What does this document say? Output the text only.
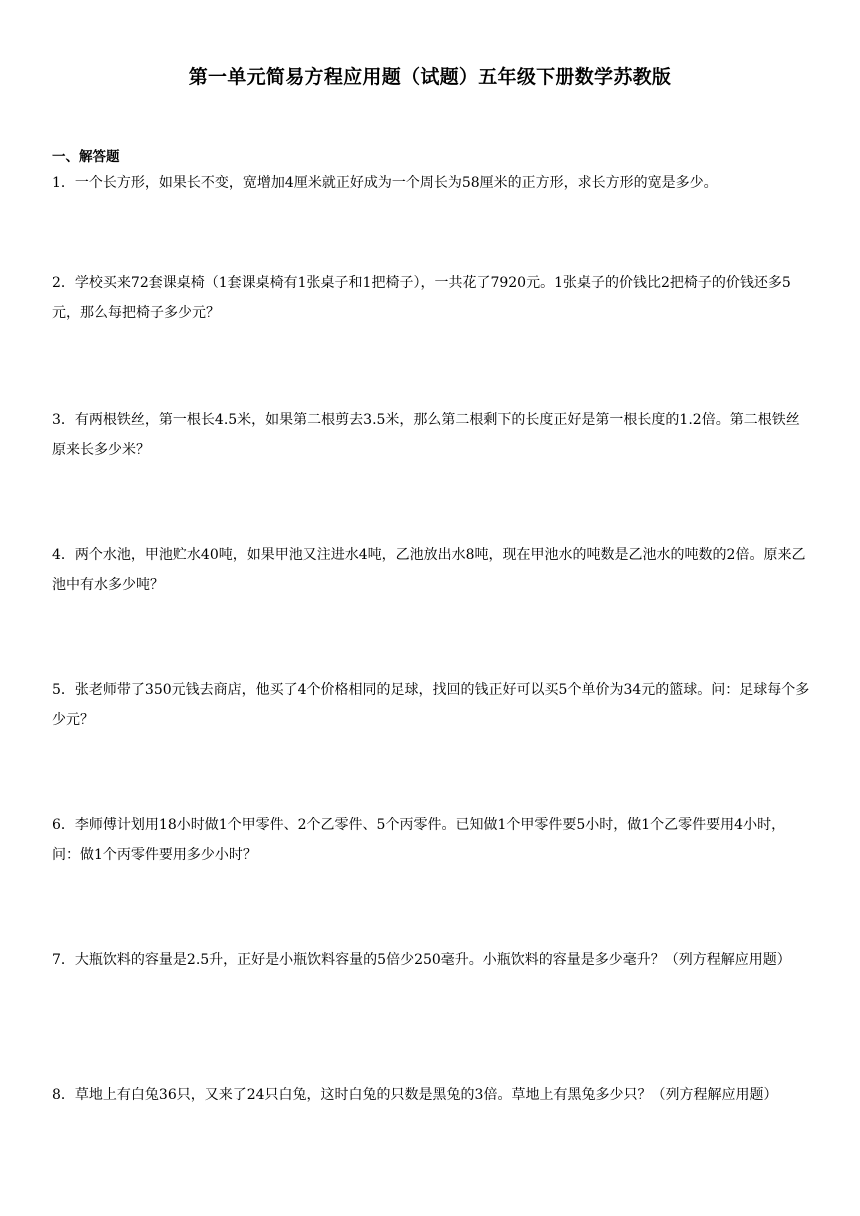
第一单元简易方程应用题（试题）五年级下册数学苏教版
一、解答题

1．一个长方形，如果长不变，宽增加4厘米就正好成为一个周长为58厘米的正方形，求长方形的宽是多少。

2．学校买来72套课桌椅（1套课桌椅有1张桌子和1把椅子），一共花了7920元。1张桌子的价钱比2把椅子的价钱还多5元，那么每把椅子多少元？

3．有两根铁丝，第一根长4.5米，如果第二根剪去3.5米，那么第二根剩下的长度正好是第一根长度的1.2倍。第二根铁丝原来长多少米？

4．两个水池，甲池贮水40吨，如果甲池又注进水4吨，乙池放出水8吨，现在甲池水的吨数是乙池水的吨数的2倍。原来乙池中有水多少吨？

5．张老师带了350元钱去商店，他买了4个价格相同的足球，找回的钱正好可以买5个单价为34元的篮球。问：足球每个多少元？

6．李师傅计划用18小时做1个甲零件、2个乙零件、5个丙零件。已知做1个甲零件要5小时，做1个乙零件要用4小时，问：做1个丙零件要用多少小时？

7．大瓶饮料的容量是2.5升，正好是小瓶饮料容量的5倍少250毫升。小瓶饮料的容量是多少毫升？（列方程解应用题）

8．草地上有白兔36只，又来了24只白兔，这时白兔的只数是黑兔的3倍。草地上有黑兔多少只？（列方程解应用题）
